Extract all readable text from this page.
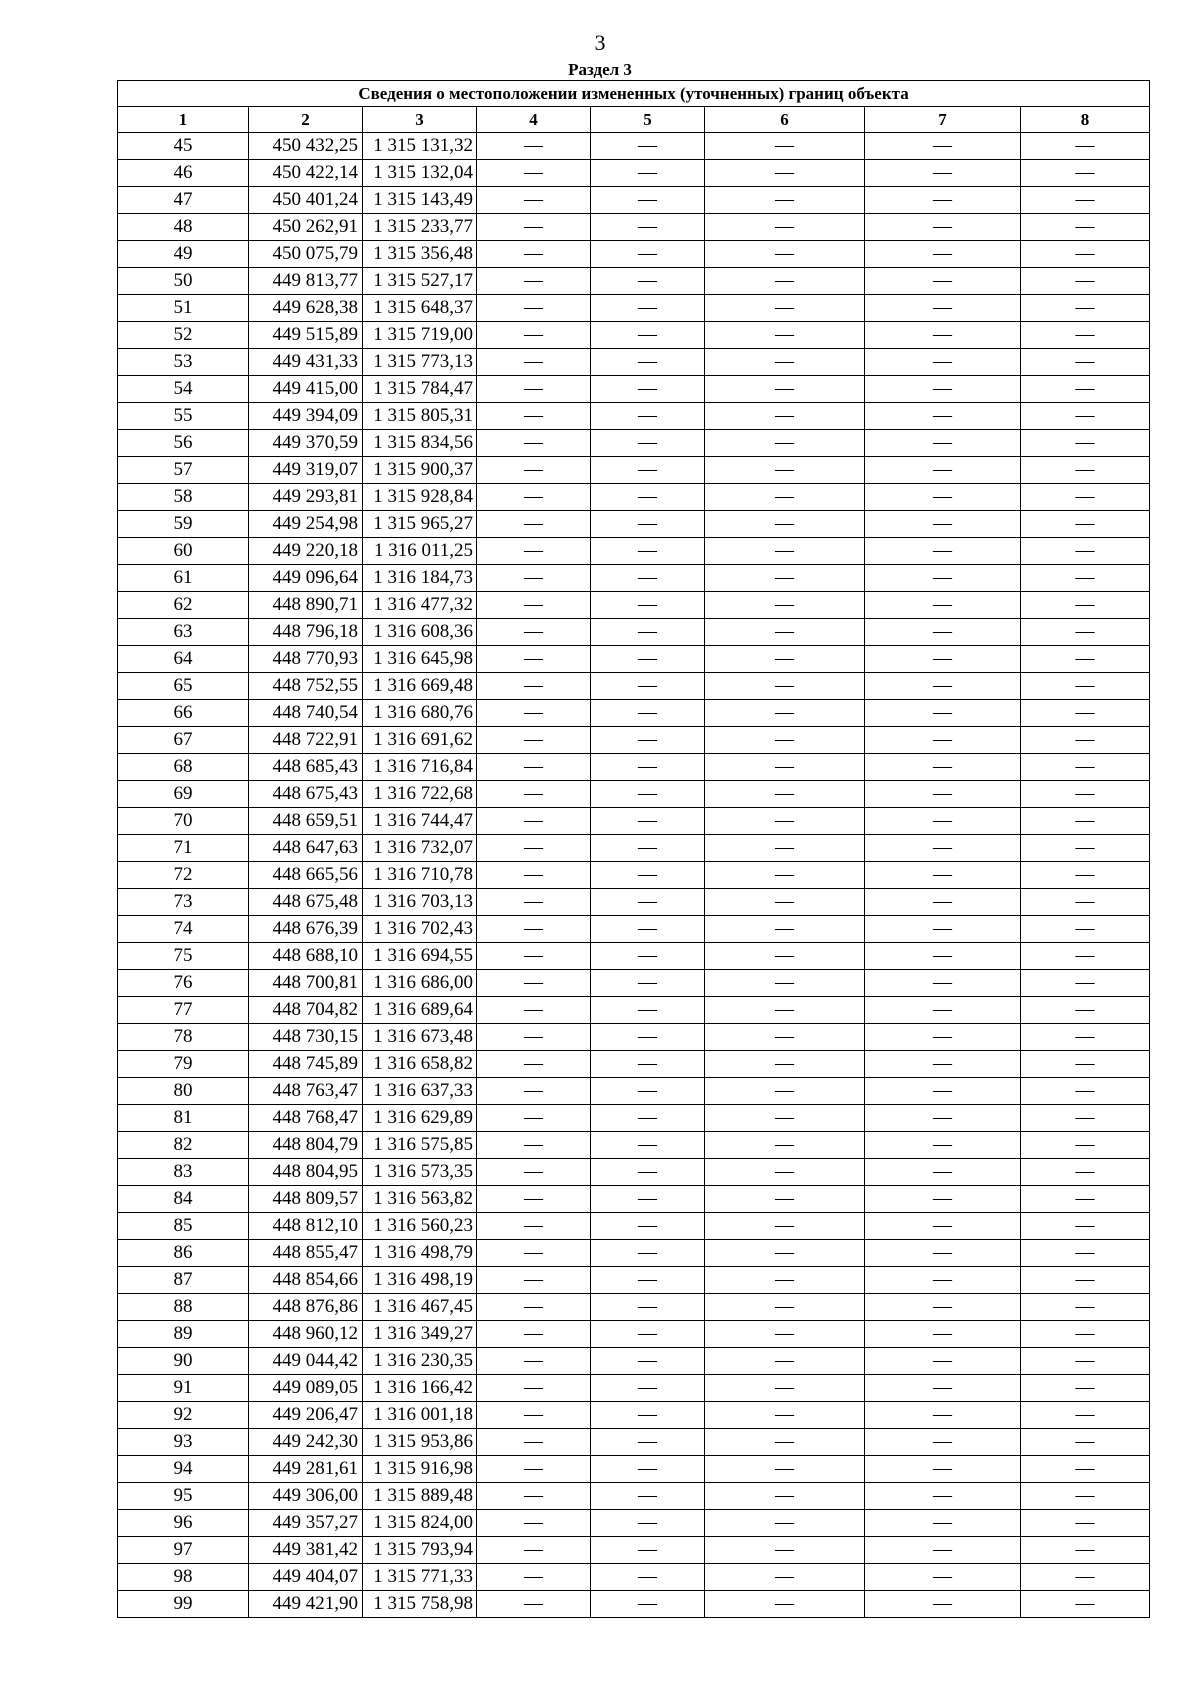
3
Раздел 3
Сведения о местоположении измененных (уточненных) границ объекта							
1	2	3	4	5	6	7	8
45	450 432,25	1 315 131,32	—	—	—	—	—
46	450 422,14	1 315 132,04	—	—	—	—	—
47	450 401,24	1 315 143,49	—	—	—	—	—
48	450 262,91	1 315 233,77	—	—	—	—	—
49	450 075,79	1 315 356,48	—	—	—	—	—
50	449 813,77	1 315 527,17	—	—	—	—	—
51	449 628,38	1 315 648,37	—	—	—	—	—
52	449 515,89	1 315 719,00	—	—	—	—	—
53	449 431,33	1 315 773,13	—	—	—	—	—
54	449 415,00	1 315 784,47	—	—	—	—	—
55	449 394,09	1 315 805,31	—	—	—	—	—
56	449 370,59	1 315 834,56	—	—	—	—	—
57	449 319,07	1 315 900,37	—	—	—	—	—
58	449 293,81	1 315 928,84	—	—	—	—	—
59	449 254,98	1 315 965,27	—	—	—	—	—
60	449 220,18	1 316 011,25	—	—	—	—	—
61	449 096,64	1 316 184,73	—	—	—	—	—
62	448 890,71	1 316 477,32	—	—	—	—	—
63	448 796,18	1 316 608,36	—	—	—	—	—
64	448 770,93	1 316 645,98	—	—	—	—	—
65	448 752,55	1 316 669,48	—	—	—	—	—
66	448 740,54	1 316 680,76	—	—	—	—	—
67	448 722,91	1 316 691,62	—	—	—	—	—
68	448 685,43	1 316 716,84	—	—	—	—	—
69	448 675,43	1 316 722,68	—	—	—	—	—
70	448 659,51	1 316 744,47	—	—	—	—	—
71	448 647,63	1 316 732,07	—	—	—	—	—
72	448 665,56	1 316 710,78	—	—	—	—	—
73	448 675,48	1 316 703,13	—	—	—	—	—
74	448 676,39	1 316 702,43	—	—	—	—	—
75	448 688,10	1 316 694,55	—	—	—	—	—
76	448 700,81	1 316 686,00	—	—	—	—	—
77	448 704,82	1 316 689,64	—	—	—	—	—
78	448 730,15	1 316 673,48	—	—	—	—	—
79	448 745,89	1 316 658,82	—	—	—	—	—
80	448 763,47	1 316 637,33	—	—	—	—	—
81	448 768,47	1 316 629,89	—	—	—	—	—
82	448 804,79	1 316 575,85	—	—	—	—	—
83	448 804,95	1 316 573,35	—	—	—	—	—
84	448 809,57	1 316 563,82	—	—	—	—	—
85	448 812,10	1 316 560,23	—	—	—	—	—
86	448 855,47	1 316 498,79	—	—	—	—	—
87	448 854,66	1 316 498,19	—	—	—	—	—
88	448 876,86	1 316 467,45	—	—	—	—	—
89	448 960,12	1 316 349,27	—	—	—	—	—
90	449 044,42	1 316 230,35	—	—	—	—	—
91	449 089,05	1 316 166,42	—	—	—	—	—
92	449 206,47	1 316 001,18	—	—	—	—	—
93	449 242,30	1 315 953,86	—	—	—	—	—
94	449 281,61	1 315 916,98	—	—	—	—	—
95	449 306,00	1 315 889,48	—	—	—	—	—
96	449 357,27	1 315 824,00	—	—	—	—	—
97	449 381,42	1 315 793,94	—	—	—	—	—
98	449 404,07	1 315 771,33	—	—	—	—	—
99	449 421,90	1 315 758,98	—	—	—	—	—
